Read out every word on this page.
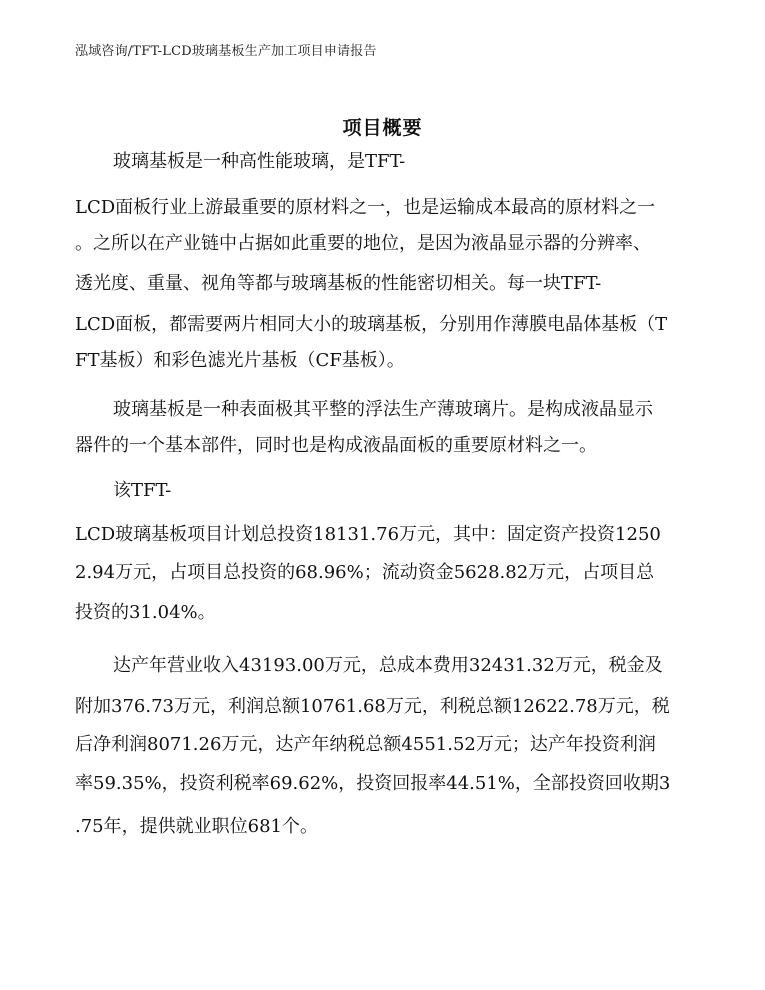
泓域咨询/TFT-LCD玻璃基板生产加工项目申请报告
项目概要
玻璃基板是一种高性能玻璃，是TFT-
LCD面板行业上游最重要的原材料之一，也是运输成本最高的原材料之一
。之所以在产业链中占据如此重要的地位，是因为液晶显示器的分辨率、
透光度、重量、视角等都与玻璃基板的性能密切相关。每一块TFT-
LCD面板，都需要两片相同大小的玻璃基板，分别用作薄膜电晶体基板（T
FT基板）和彩色滤光片基板（CF基板）。
玻璃基板是一种表面极其平整的浮法生产薄玻璃片。是构成液晶显示
器件的一个基本部件，同时也是构成液晶面板的重要原材料之一。
该TFT-
LCD玻璃基板项目计划总投资18131.76万元，其中：固定资产投资1250
2.94万元，占项目总投资的68.96%；流动资金5628.82万元，占项目总
投资的31.04%。
达产年营业收入43193.00万元，总成本费用32431.32万元，税金及
附加376.73万元，利润总额10761.68万元，利税总额12622.78万元，税
后净利润8071.26万元，达产年纳税总额4551.52万元；达产年投资利润
率59.35%，投资利税率69.62%，投资回报率44.51%，全部投资回收期3
.75年，提供就业职位681个。
